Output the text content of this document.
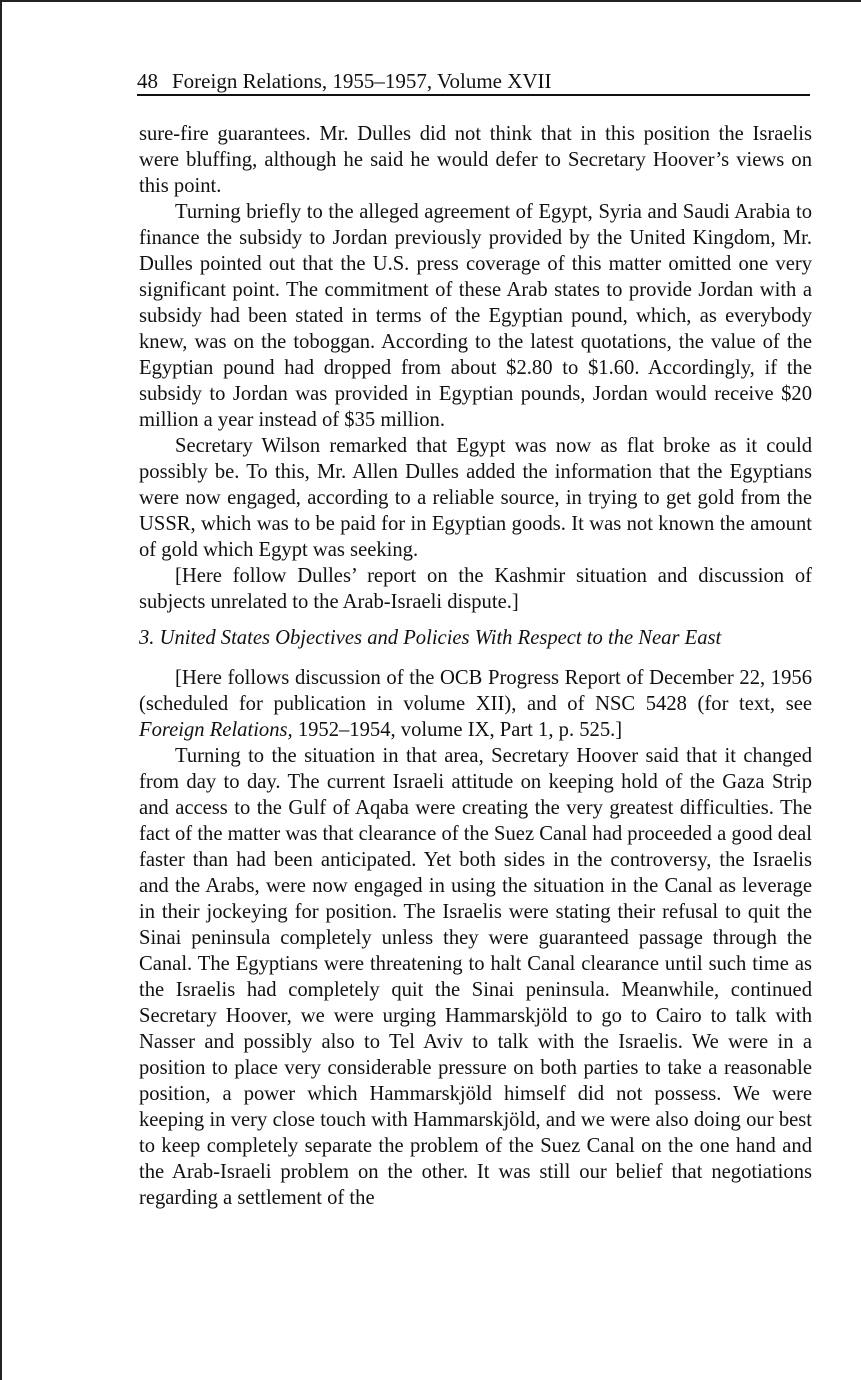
48 Foreign Relations, 1955–1957, Volume XVII

sure-fire guarantees. Mr. Dulles did not think that in this position the Israelis were bluffing, although he said he would defer to Secretary Hoover’s views on this point.

Turning briefly to the alleged agreement of Egypt, Syria and Saudi Arabia to finance the subsidy to Jordan previously provided by the United Kingdom, Mr. Dulles pointed out that the U.S. press coverage of this matter omitted one very significant point. The commitment of these Arab states to provide Jordan with a subsidy had been stated in terms of the Egyptian pound, which, as everybody knew, was on the toboggan. According to the latest quotations, the value of the Egyptian pound had dropped from about $2.80 to $1.60. Accordingly, if the subsidy to Jordan was provided in Egyptian pounds, Jordan would receive $20 million a year instead of $35 million.

Secretary Wilson remarked that Egypt was now as flat broke as it could possibly be. To this, Mr. Allen Dulles added the information that the Egyptians were now engaged, according to a reliable source, in trying to get gold from the USSR, which was to be paid for in Egyptian goods. It was not known the amount of gold which Egypt was seeking.

[Here follow Dulles’ report on the Kashmir situation and discussion of subjects unrelated to the Arab-Israeli dispute.]

3. United States Objectives and Policies With Respect to the Near East

[Here follows discussion of the OCB Progress Report of December 22, 1956 (scheduled for publication in volume XII), and of NSC 5428 (for text, see Foreign Relations, 1952–1954, volume IX, Part 1, p. 525.]

Turning to the situation in that area, Secretary Hoover said that it changed from day to day. The current Israeli attitude on keeping hold of the Gaza Strip and access to the Gulf of Aqaba were creating the very greatest difficulties. The fact of the matter was that clearance of the Suez Canal had proceeded a good deal faster than had been anticipated. Yet both sides in the controversy, the Israelis and the Arabs, were now engaged in using the situation in the Canal as leverage in their jockeying for position. The Israelis were stating their refusal to quit the Sinai peninsula completely unless they were guaranteed passage through the Canal. The Egyptians were threatening to halt Canal clearance until such time as the Israelis had completely quit the Sinai peninsula. Meanwhile, continued Secretary Hoover, we were urging Hammarskjöld to go to Cairo to talk with Nasser and possibly also to Tel Aviv to talk with the Israelis. We were in a position to place very considerable pressure on both parties to take a reasonable position, a power which Hammarskjöld himself did not possess. We were keeping in very close touch with Hammarskjöld, and we were also doing our best to keep completely separate the problem of the Suez Canal on the one hand and the Arab-Israeli problem on the other. It was still our belief that negotiations regarding a settlement of the
